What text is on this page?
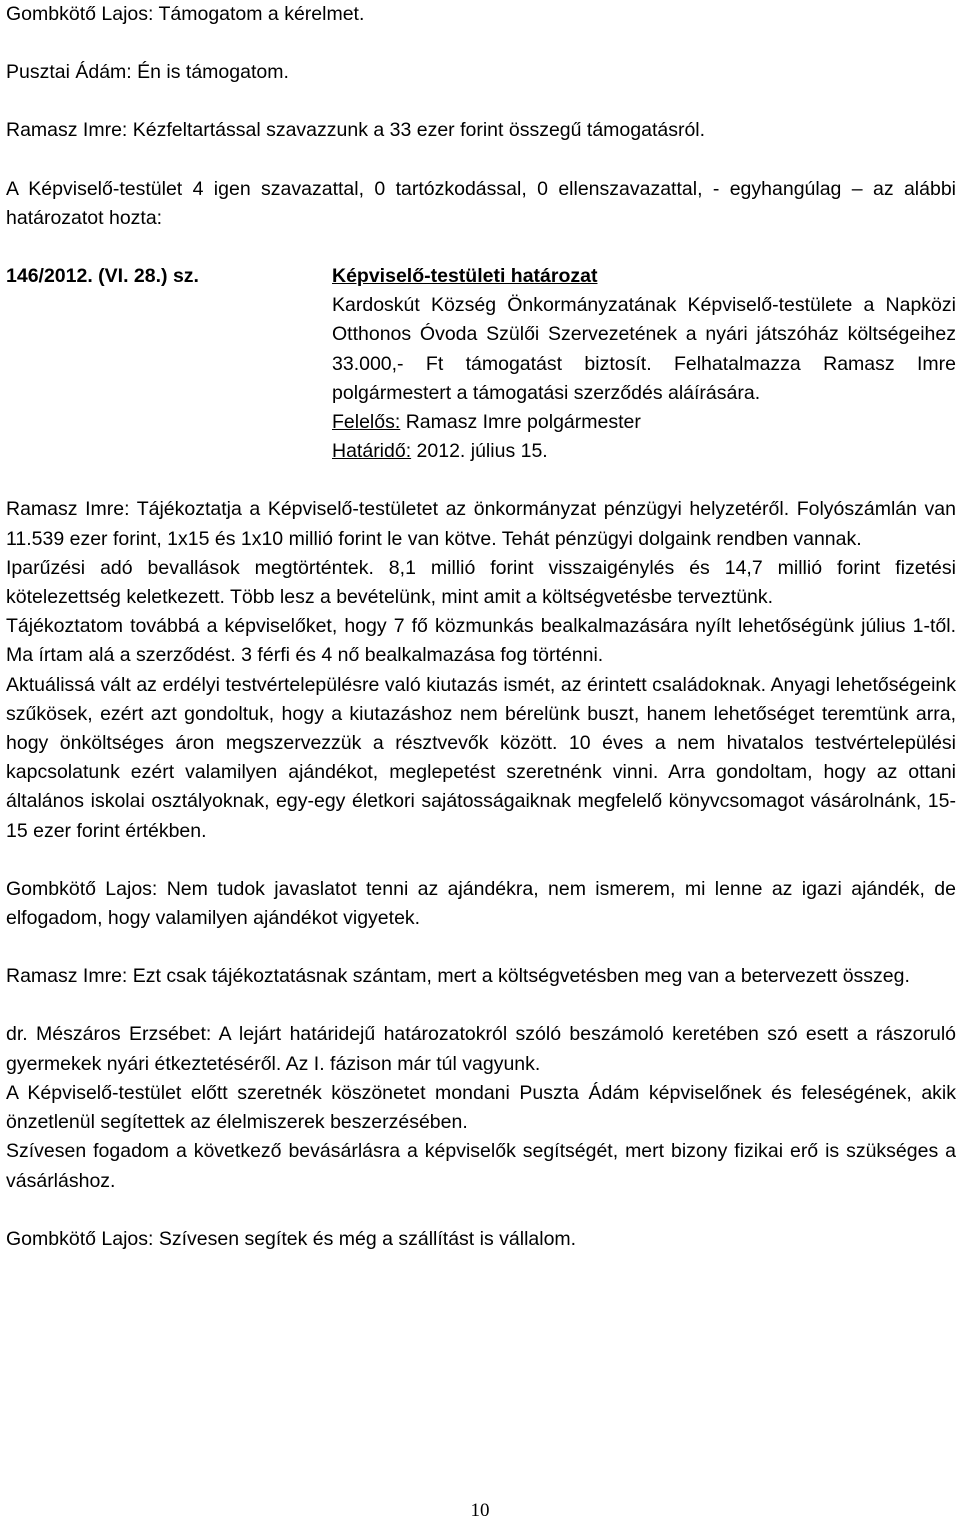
Gombkötő Lajos: Támogatom a kérelmet.

Pusztai Ádám: Én is támogatom.

Ramasz Imre: Kézfeltartással szavazzunk a 33 ezer forint összegű támogatásról.

A Képviselő-testület 4 igen szavazattal, 0 tartózkodással, 0 ellenszavazattal, - egyhangúlag – az alábbi határozatot hozta:

146/2012. (VI. 28.) sz.	Képviselő-testületi határozat

Kardoskút Község Önkormányzatának Képviselő-testülete a Napközi Otthonos Óvoda Szülői Szervezetének a nyári játszóház költségeihez 33.000,- Ft támogatást biztosít. Felhatalmazza Ramasz Imre polgármestert a támogatási szerződés aláírására.

Felelős: Ramasz Imre polgármester

Határidő: 2012. július 15.

Ramasz Imre: Tájékoztatja a Képviselő-testületet az önkormányzat pénzügyi helyzetéről. Folyószámlán van 11.539 ezer forint, 1x15 és 1x10 millió forint le van kötve. Tehát pénzügyi dolgaink rendben vannak.

Iparűzési adó bevallások megtörténtek. 8,1 millió forint visszaigénylés és 14,7 millió forint fizetési kötelezettség keletkezett. Több lesz a bevételünk, mint amit a költségvetésbe terveztünk.

Tájékoztatom továbbá a képviselőket, hogy 7 fő közmunkás bealkalmazására nyílt lehetőségünk július 1-től. Ma írtam alá a szerződést. 3 férfi és 4 nő bealkalmazása fog történni.

Aktuálissá vált az erdélyi testvértelepülésre való kiutazás ismét, az érintett családoknak. Anyagi lehetőségeink szűkösek, ezért azt gondoltuk, hogy a kiutazáshoz nem bérelünk buszt, hanem lehetőséget teremtünk arra, hogy önköltséges áron megszervezzük a résztvevők között. 10 éves a nem hivatalos testvértelepülési kapcsolatunk ezért valamilyen ajándékot, meglepetést szeretnénk vinni. Arra gondoltam, hogy az ottani általános iskolai osztályoknak, egy-egy életkori sajátosságaiknak megfelelő könyvcsomagot vásárolnánk, 15-15 ezer forint értékben.

Gombkötő Lajos: Nem tudok javaslatot tenni az ajándékra, nem ismerem, mi lenne az igazi ajándék, de elfogadom, hogy valamilyen ajándékot vigyetek.

Ramasz Imre: Ezt csak tájékoztatásnak szántam, mert a költségvetésben meg van a betervezett összeg.

dr. Mészáros Erzsébet: A lejárt határidejű határozatokról szóló beszámoló keretében szó esett a rászoruló gyermekek nyári étkeztetéséről. Az I. fázison már túl vagyunk.

A Képviselő-testület előtt szeretnék köszönetet mondani Puszta Ádám képviselőnek és feleségének, akik önzetlenül segítettek az élelmiszerek beszerzésében.

Szívesen fogadom a következő bevásárlásra a képviselők segítségét, mert bizony fizikai erő is szükséges a vásárláshoz.

Gombkötő Lajos: Szívesen segítek és még a szállítást is vállalom.

10
